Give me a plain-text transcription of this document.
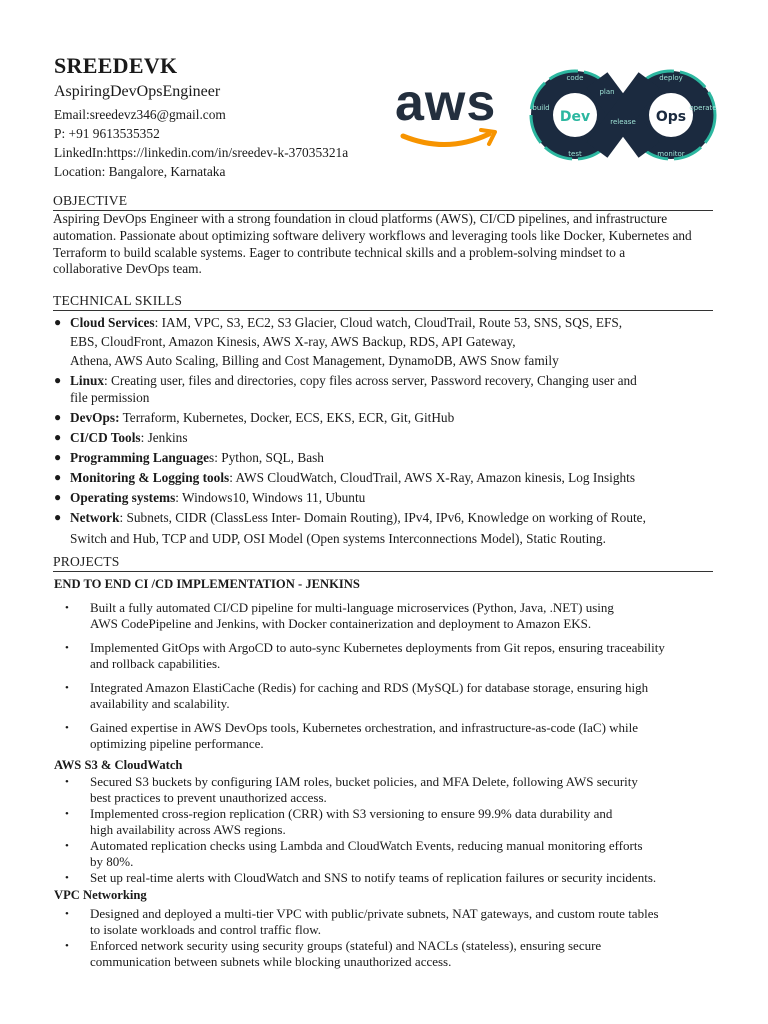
SREEDEVK
AspiringDevOpsEngineer
Email:sreedevz346@gmail.com
P: +91 9613535352
LinkedIn:https://linkedin.com/in/sreedev-k-37035321a
Location: Bangalore, Karnataka
aws	Dev	Ops
code
build
test
plan
release
deploy
operate
monitor
OBJECTIVE
Aspiring DevOps Engineer with a strong foundation in cloud platforms (AWS), CI/CD pipelines, and infrastructure
automation. Passionate about optimizing software delivery workflows and leveraging tools like Docker, Kubernetes and
Terraform to build scalable systems. Eager to contribute technical skills and a problem-solving mindset to a
collaborative DevOps team.
TECHNICAL SKILLS
● Cloud Services: IAM, VPC, S3, EC2, S3 Glacier, Cloud watch, CloudTrail, Route 53, SNS, SQS, EFS,
EBS, CloudFront, Amazon Kinesis, AWS X-ray, AWS Backup, RDS, API Gateway,
Athena, AWS Auto Scaling, Billing and Cost Management, DynamoDB, AWS Snow family
● Linux: Creating user, files and directories, copy files across server, Password recovery, Changing user and
file permission
● DevOps: Terraform, Kubernetes, Docker, ECS, EKS, ECR, Git, GitHub
● CI/CD Tools: Jenkins
● Programming Languages: Python, SQL, Bash
● Monitoring & Logging tools: AWS CloudWatch, CloudTrail, AWS X-Ray, Amazon kinesis, Log Insights
● Operating systems: Windows10, Windows 11, Ubuntu
● Network: Subnets, CIDR (ClassLess Inter- Domain Routing), IPv4, IPv6, Knowledge on working of Route,
Switch and Hub, TCP and UDP, OSI Model (Open systems Interconnections Model), Static Routing.
PROJECTS
END TO END CI /CD IMPLEMENTATION - JENKINS
• Built a fully automated CI/CD pipeline for multi-language microservices (Python, Java, .NET) using
AWS CodePipeline and Jenkins, with Docker containerization and deployment to Amazon EKS.
• Implemented GitOps with ArgoCD to auto-sync Kubernetes deployments from Git repos, ensuring traceability
and rollback capabilities.
• Integrated Amazon ElastiCache (Redis) for caching and RDS (MySQL) for database storage, ensuring high
availability and scalability.
• Gained expertise in AWS DevOps tools, Kubernetes orchestration, and infrastructure-as-code (IaC) while
optimizing pipeline performance.
AWS S3 & CloudWatch
• Secured S3 buckets by configuring IAM roles, bucket policies, and MFA Delete, following AWS security
best practices to prevent unauthorized access.
• Implemented cross-region replication (CRR) with S3 versioning to ensure 99.9% data durability and
high availability across AWS regions.
• Automated replication checks using Lambda and CloudWatch Events, reducing manual monitoring efforts
by 80%.
• Set up real-time alerts with CloudWatch and SNS to notify teams of replication failures or security incidents.
VPC Networking
• Designed and deployed a multi-tier VPC with public/private subnets, NAT gateways, and custom route tables
to isolate workloads and control traffic flow.
• Enforced network security using security groups (stateful) and NACLs (stateless), ensuring secure
communication between subnets while blocking unauthorized access.
